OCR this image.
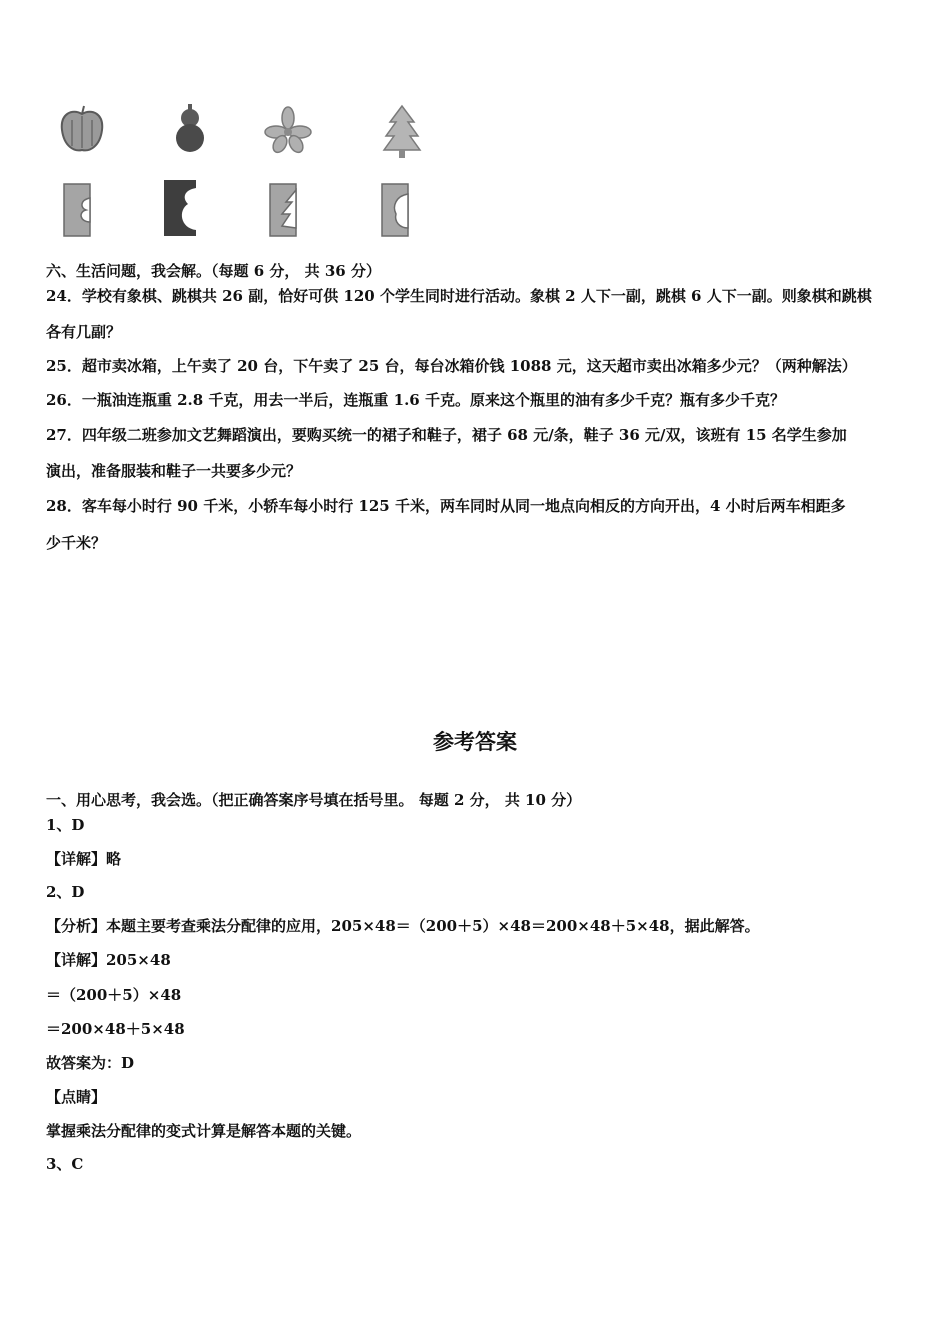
六、生活问题，我会解。（每题 6 分， 共 36 分）
24．学校有象棋、跳棋共 26 副，恰好可供 120 个学生同时进行活动。象棋 2 人下一副，跳棋 6 人下一副。则象棋和跳棋
各有几副？
25．超市卖冰箱，上午卖了 20 台，下午卖了 25 台，每台冰箱价钱 1088 元，这天超市卖出冰箱多少元？（两种解法）
26．一瓶油连瓶重 2.8 千克，用去一半后，连瓶重 1.6 千克。原来这个瓶里的油有多少千克？瓶有多少千克？
27．四年级二班参加文艺舞蹈演出，要购买统一的裙子和鞋子，裙子 68 元/条，鞋子 36 元/双，该班有 15 名学生参加
演出，准备服装和鞋子一共要多少元？
28．客车每小时行 90 千米，小轿车每小时行 125 千米，两车同时从同一地点向相反的方向开出，4 小时后两车相距多
少千米？
参考答案
一、用心思考，我会选。（把正确答案序号填在括号里。 每题 2 分， 共 10 分）
1、D
【详解】略
2、D
【分析】本题主要考查乘法分配律的应用，205×48＝（200＋5）×48＝200×48＋5×48，据此解答。
【详解】205×48
＝（200＋5）×48
＝200×48＋5×48
故答案为：D
【点睛】
掌握乘法分配律的变式计算是解答本题的关键。
3、C
